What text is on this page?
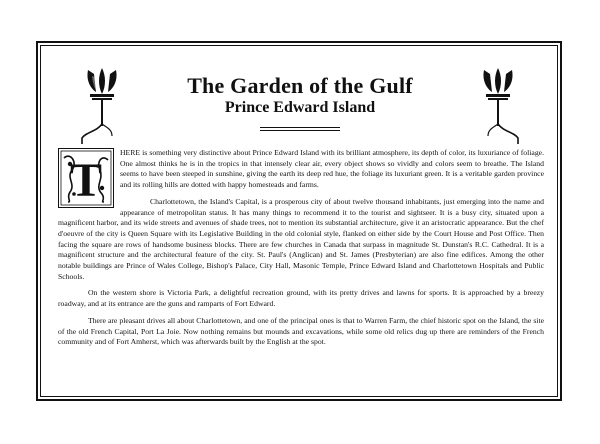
The Garden of the Gulf
Prince Edward Island
T

HERE is something very distinctive about Prince Edward Island with its brilliant atmosphere, its depth of color, its luxuriance of foliage. One almost thinks he is in the tropics in that intensely clear air, every object shows so vividly and colors seem to breathe. The Island seems to have been steeped in sunshine, giving the earth its deep red hue, the foliage its luxuriant green. It is a veritable garden province and its rolling hills are dotted with happy homesteads and farms.

Charlottetown, the Island's Capital, is a prosperous city of about twelve thousand inhabitants, just emerging into the name and appearance of metropolitan status. It has many things to recommend it to the tourist and sightseer. It is a busy city, situated upon a magnificent harbor, and its wide streets and avenues of shade trees, not to mention its substantial architecture, give it an aristocratic appearance. But the chef d'oeuvre of the city is Queen Square with its Legislative Building in the old colonial style, flanked on either side by the Court House and Post Office. Then facing the square are rows of handsome business blocks. There are few churches in Canada that surpass in magnitude St. Dunstan's R.C. Cathedral. It is a magnificent structure and the architectural feature of the city. St. Paul's (Anglican) and St. James (Presbyterian) are also fine edifices. Among the other notable buildings are Prince of Wales College, Bishop's Palace, City Hall, Masonic Temple, Prince Edward Island and Charlottetown Hospitals and Public Schools.

On the western shore is Victoria Park, a delightful recreation ground, with its pretty drives and lawns for sports. It is approached by a breezy roadway, and at its entrance are the guns and ramparts of Fort Edward.

There are pleasant drives all about Charlottetown, and one of the principal ones is that to Warren Farm, the chief historic spot on the Island, the site of the old French Capital, Port La Joie. Now nothing remains but mounds and excavations, while some old relics dug up there are reminders of the French community and of Fort Amherst, which was afterwards built by the English at the spot.
